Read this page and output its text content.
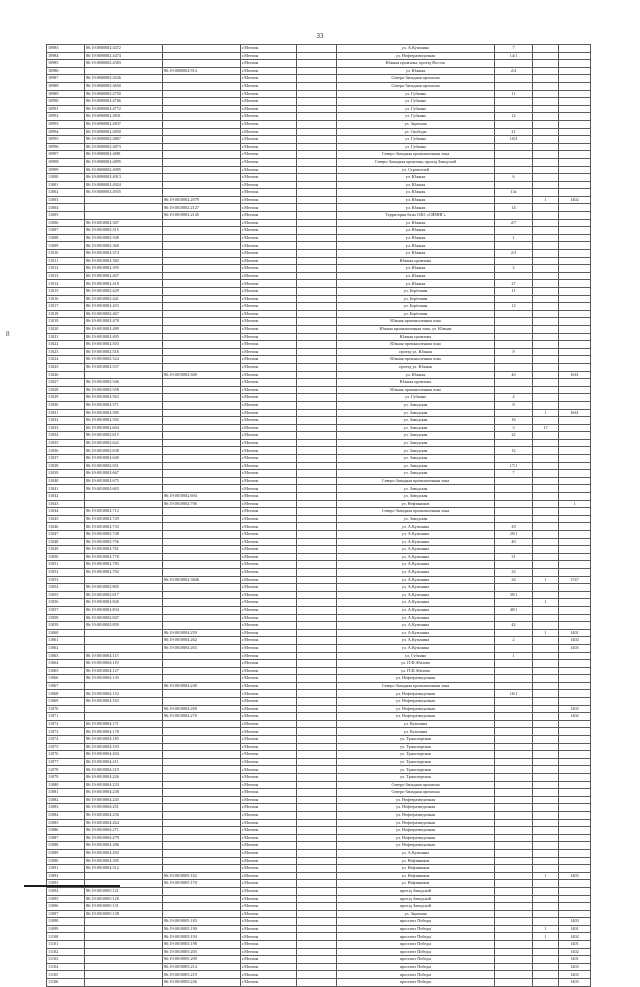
33
8
10983	86:19:0000002:4472		г.Мегион		ул. А.Кузьмина	7		
10984	86:19:0000002:4474		г.Мегион		ул. Нефтеразведочная	14/1		
10985	86:19:0000002:4583		г.Мегион		Южная промзона, проезд Восток			
10986		86:19:0000002:914	г.Мегион		ул. Южная	2/4		
10987	86:19:0000002:4526		г.Мегион		Северо-Западная промзона			
10988	86:19:0000002:4650		г.Мегион		Северо-Западная промзона			
10989	86:19:0000002:4750		г.Мегион		ул. Губкина	11		
10990	86:19:0000002:4766		г.Мегион		ул. Губкина			
10991	86:19:0000002:4772		г.Мегион		ул. Губкина			
10992	86:19:0000002:4831		г.Мегион		ул. Губкина	12		
10993	86:19:0000002:4837		г.Мегион		ул. Заречная			
10994	86:19:0000002:4850		г.Мегион		ул. Свободы	21		
10995	86:19:0000002:4867		г.Мегион		ул. Губкина	10/4		
10996	86:19:0000002:4873		г.Мегион		ул. Губкина			
10997	86:19:0000002:4881		г.Мегион		Северо-Западная промышленная зона			
10998	86:19:0000002:4895		г.Мегион		Северо-Западная промзона, проезд Заводской			
10999	86:19:0000002:4905		г.Мегион		ул. Строителей			
11000	86:19:0000002:4913		г.Мегион		ул. Южная	6		
11001	86:19:0000002:4924		г.Мегион		ул. Южная			
11002	86:19:0000002:4935		г.Мегион		ул. Южная	13а		
11003		86:19:0010002:2079	г.Мегион		ул. Южная		1	1402
11004		86:19:0010002:2127	г.Мегион		ул. Южная	14		
11005		86:19:0010002:2145	г.Мегион		Территория базы ОАО «СНМНГ»			
11006	86:19:0010002:307		г.Мегион		ул. Южная	2/7		
11007	86:19:0010002:315		г.Мегион		ул. Южная			
11008	86:19:0010002:338		г.Мегион		ул. Южная	1		
11009	86:19:0010002:360		г.Мегион		ул. Южная			
11010	86:19:0010002:374		г.Мегион		ул. Южная	2/3		
11011	86:19:0010002:382		г.Мегион		Южная промзона			
11012	86:19:0010002:395		г.Мегион		ул. Южная	2		
11013	86:19:0010002:407		г.Мегион		ул. Южная			
11014	86:19:0010002:418		г.Мегион		ул. Южная	27		
11015	86:19:0010002:429		г.Мегион		ул. Берёзовая	11		
11016	86:19:0010002:441		г.Мегион		ул. Берёзовая			
11017	86:19:0010002:453		г.Мегион		ул. Берёзовая	12		
11018	86:19:0010002:467		г.Мегион		ул. Берёзовая			
11019	86:19:0010002:478		г.Мегион		Южная промышленная зона			
11020	86:19:0010002:489		г.Мегион		Южная промышленная зона, ул. Южная			
11021	86:19:0010002:495		г.Мегион		Южная промзона			
11022	86:19:0010002:503		г.Мегион		Южная промышленная зона			
11023	86:19:0010002:516		г.Мегион		проезд ул. Южная	8		
11024	86:19:0010002:524		г.Мегион		Южная промышленная зона			
11025	86:19:0010002:537		г.Мегион		проезд ул. Южная			
11026		86:19:0010002:600	г.Мегион		ул. Южная	4б		1641
11027	86:19:0010002:546		г.Мегион		Южная промзона			
11028	86:19:0010002:558		г.Мегион		Южная промышленная зона			
11029	86:19:0010002:563		г.Мегион		ул. Губкина	4		
11030	86:19:0010002:571		г.Мегион		ул. Заводская	8		
11031	86:19:0010002:585		г.Мегион		ул. Заводская		1	1641
11032	86:19:0010002:592		г.Мегион		ул. Заводская	16		
11033	86:19:0010002:604		г.Мегион		ул. Заводская	3	17	
11034	86:19:0010002:615		г.Мегион		ул. Заводская	22		
11035	86:19:0010002:622		г.Мегион		ул. Заводская			
11036	86:19:0010002:638		г.Мегион		ул. Заводская	12		
11037	86:19:0010002:649		г.Мегион		ул. Заводская			
11038	86:19:0010002:651		г.Мегион		ул. Заводская	17/1		
11039	86:19:0010002:667		г.Мегион		ул. Заводская	7		
11040	86:19:0010002:675		г.Мегион		Северо-Западная промышленная зона			
11041	86:19:0010002:683		г.Мегион		ул. Заводская			
11042		86:19:0010002:694	г.Мегион		ул. Заводская			
11043		86:19:0010002:706	г.Мегион		ул. Нефтяников			1
11044	86:19:0010002:712		г.Мегион		Северо-Западная промышленная зона			
11045	86:19:0010002:729		г.Мегион		ул. Заводская			
11046	86:19:0010002:733		г.Мегион		ул. А.Кузьмина	29		
11047	86:19:0010002:748		г.Мегион		ул. А.Кузьмина	29/1		
11048	86:19:0010002:756		г.Мегион		ул. А.Кузьмина	40		
11049	86:19:0010002:761		г.Мегион		ул. А.Кузьмина			
11050	86:19:0010002:778		г.Мегион		ул. А.Кузьмина	31		
11051	86:19:0010002:785		г.Мегион		ул. А.Кузьмина			
11052	86:19:0010002:792		г.Мегион		ул. А.Кузьмина	32		
11053		86:19:0010002:3846	г.Мегион		ул. А.Кузьмина	34	1	1747
11054	86:19:0010002:805		г.Мегион		ул. А.Кузьмина			
11055	86:19:0010002:817		г.Мегион		ул. А.Кузьмина	39/1		
11056	86:19:0010002:826		г.Мегион		ул. А.Кузьмина		1	
11057	86:19:0010002:834		г.Мегион		ул. А.Кузьмина	40/1		
11058	86:19:0010002:847		г.Мегион		ул. А.Кузьмина			
11059	86:19:0010002:859		г.Мегион		ул. А.Кузьмина	42		
11060		86:19:0010004:259	г.Мегион		ул. А.Кузьмина		1	1401
11061		86:19:0010004:262	г.Мегион		ул. А.Кузьмина	2		1402
11062		86:19:0010004:263	г.Мегион		ул. А.Кузьмина			1403
11063	86:19:0010004:115		г.Мегион		ул. Губкина	1		
11064	86:19:0010004:119		г.Мегион		ул. П.Ф.Абазова			
11065	86:19:0010004:127		г.Мегион		ул. П.Ф.Абазова			
11066	86:19:0010004:145		г.Мегион		ул. Нефтеразведочная			
11067		86:19:0010004:240	г.Мегион		Северо-Западная промышленная зона			
11068	86:19:0010004:152		г.Мегион		ул. Нефтеразведочная	16/1		
11069	86:19:0010004:163		г.Мегион		ул. Нефтеразведочная			
11070		86:19:0010004:269	г.Мегион		ул. Нефтеразведочная			1403
11071		86:19:0010004:270	г.Мегион		ул. Нефтеразведочная			1402
11072	86:19:0010004:171		г.Мегион		ул. Кузьмина			
11073	86:19:0010004:178		г.Мегион		ул. Кузьмина			
11074	86:19:0010004:185		г.Мегион		ул. Транспортная			
11075	86:19:0010004:193		г.Мегион		ул. Транспортная			
11076	86:19:0010004:204		г.Мегион		ул. Транспортная			
11077	86:19:0010004:211		г.Мегион		ул. Транспортная			
11078	86:19:0010004:219		г.Мегион		ул. Транспортная			
11079	86:19:0010004:226		г.Мегион		ул. Транспортная			
11080	86:19:0010004:233		г.Мегион		Северо-Западная промзона			
11081	86:19:0010004:238		г.Мегион		Северо-Западная промзона			
11082	86:19:0010004:245		г.Мегион		ул. Нефтеразведочная			
11083	86:19:0010004:251		г.Мегион		ул. Нефтеразведочная			
11084	86:19:0010004:256		г.Мегион		ул. Нефтеразведочная			
11085	86:19:0010004:264		г.Мегион		ул. Нефтеразведочная			
11086	86:19:0010004:271		г.Мегион		ул. Нефтеразведочная			
11087	86:19:0010004:279		г.Мегион		ул. Нефтеразведочная			
11088	86:19:0010004:286		г.Мегион		ул. Нефтеразведочная			
11089	86:19:0010004:292		г.Мегион		ул. А.Кузьмина			
11090	86:19:0010004:305		г.Мегион		ул. Нефтяников			
11091	86:19:0010004:312		г.Мегион		ул. Нефтяников			
11092		86:19:0010005:162	г.Мегион		ул. Нефтяников		1	1403
11093		86:19:0010005:170	г.Мегион		ул. Нефтяников			
11094	86:19:0010005:121		г.Мегион		проезд Заводской			
11095	86:19:0010005:126		г.Мегион		проезд Заводской			
11096	86:19:0010005:131		г.Мегион		проезд Заводской			
11097	86:19:0010005:138		г.Мегион		ул. Заречная			
11098		86:19:0010005:183	г.Мегион		проспект Победы			1403
11099		86:19:0010005:190	г.Мегион		проспект Победы		1	1401
11100		86:19:0010005:194	г.Мегион		проспект Победы		1	1402
11101		86:19:0010005:198	г.Мегион		проспект Победы			1401
11102		86:19:0010005:203	г.Мегион		проспект Победы			1402
11103		86:19:0010005:209	г.Мегион		проспект Победы			1401
11104		86:19:0010005:214	г.Мегион		проспект Победы			1403
11105		86:19:0010005:219	г.Мегион		проспект Победы			1403
11106		86:19:0010005:226	г.Мегион		проспект Победы			1403
